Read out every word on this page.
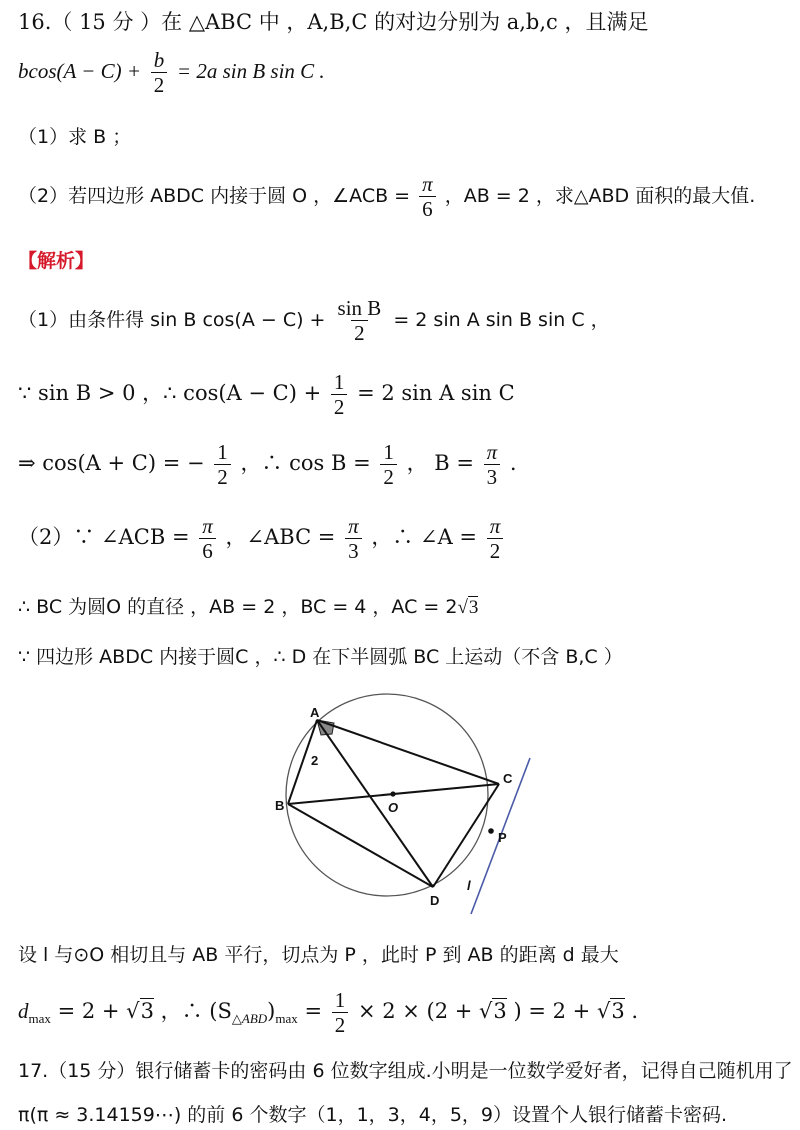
16.（ 15 分 ）在 △ABC 中 ，A,B,C 的对边分别为 a,b,c ，且满足
$bcos(A - C) + \frac{b}{2} = 2a$ sin B sin C .
（1）求 B ；
（2）若四边形 ABDC 内接于圆 O ，∠ACB = $\frac{\pi}{6}$ ，AB = 2 ，求△ABD 面积的最大值.
【解析】
（1）由条件得 sin B $\cos(A - C) + \frac{\text{sin B}}{2} = 2$ sin A sin B sin C ，
∵ sin B > 0 ，∴ $\cos(A - C) + \frac{1}{2} = 2$ sin A sin C
⇒ cos(A + C) = − $\frac{1}{2}$ ，∴ $\cos B = \frac{1}{2}$ ， $B = \frac{\pi}{3}$ .
（2）∵ ∠ACB = $\frac{\pi}{6}$ ，∠ABC = $\frac{\pi}{3}$ ，∴ ∠A = $\frac{\pi}{2}$
∴ BC 为圆O 的直径 ，AB = 2 ，BC = 4 ，AC = 2√3
∵ 四边形 ABDC 内接于圆C ，∴ D 在下半圆弧 BC 上运动（不含 B,C ）
A
B
C
D
O
P
l
2
设 l 与⊙O 相切且与 AB 平行，切点为 P ，此时 P 到 AB 的距离 d 最大
$d_{max} = 2 + √3$ ，∴ $(S_{\triangle ABD})_{max} = \frac{1}{2} \times 2 \times (2 + √3$ ) = 2 + √3 .
17.（15 分）银行储蓄卡的密码由 6 位数字组成.小明是一位数学爱好者，记得自己随机用了
π(π ≈ 3.14159⋯) 的前 6 个数字（1，1，3，4，5，9）设置个人银行储蓄卡密码.
